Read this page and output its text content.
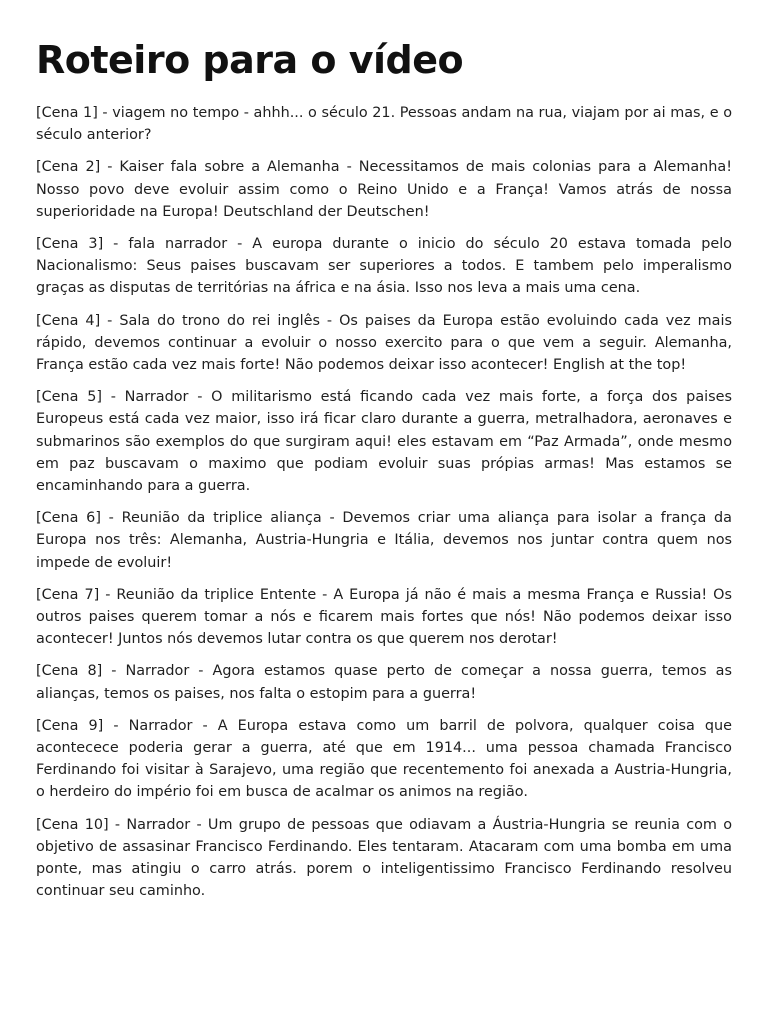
Roteiro para o vídeo

[Cena 1] - viagem no tempo - ahhh... o século 21. Pessoas andam na rua, viajam por ai mas, e o século anterior?

[Cena 2] - Kaiser fala sobre a Alemanha - Necessitamos de mais colonias para a Alemanha! Nosso povo deve evoluir assim como o Reino Unido e a França! Vamos atrás de nossa superioridade na Europa! Deutschland der Deutschen!

[Cena 3] - fala narrador - A europa durante o inicio do século 20 estava tomada pelo Nacionalismo: Seus paises buscavam ser superiores a todos. E tambem pelo imperalismo graças as disputas de territórias na áfrica e na ásia. Isso nos leva a mais uma cena.

[Cena 4] - Sala do trono do rei inglês - Os paises da Europa estão evoluindo cada vez mais rápido, devemos continuar a evoluir o nosso exercito para o que vem a seguir. Alemanha, França estão cada vez mais forte! Não podemos deixar isso acontecer! English at the top!

[Cena 5] - Narrador - O militarismo está ficando cada vez mais forte, a força dos paises Europeus está cada vez maior, isso irá ficar claro durante a guerra, metralhadora, aeronaves e submarinos são exemplos do que surgiram aqui! eles estavam em “Paz Armada”, onde mesmo em paz buscavam o maximo que podiam evoluir suas própias armas! Mas estamos se encaminhando para a guerra.

[Cena 6] - Reunião da triplice aliança - Devemos criar uma aliança para isolar a frança da Europa nos três: Alemanha, Austria-Hungria e Itália, devemos nos juntar contra quem nos impede de evoluir!

[Cena 7] - Reunião da triplice Entente - A Europa já não é mais a mesma França e Russia! Os outros paises querem tomar a nós e ficarem mais fortes que nós! Não podemos deixar isso acontecer! Juntos nós devemos lutar contra os que querem nos derotar!

[Cena 8] - Narrador - Agora estamos quase perto de começar a nossa guerra, temos as alianças, temos os paises, nos falta o estopim para a guerra!

[Cena 9] - Narrador - A Europa estava como um barril de polvora, qualquer coisa que acontecece poderia gerar a guerra, até que em 1914... uma pessoa chamada Francisco Ferdinando foi visitar à Sarajevo, uma região que recentemento foi anexada a Austria-Hungria, o herdeiro do império foi em busca de acalmar os animos na região.

[Cena 10] - Narrador - Um grupo de pessoas que odiavam a Áustria-Hungria se reunia com o objetivo de assasinar Francisco Ferdinando. Eles tentaram. Atacaram com uma bomba em uma ponte, mas atingiu o carro atrás. porem o inteligentissimo Francisco Ferdinando resolveu continuar seu caminho.
